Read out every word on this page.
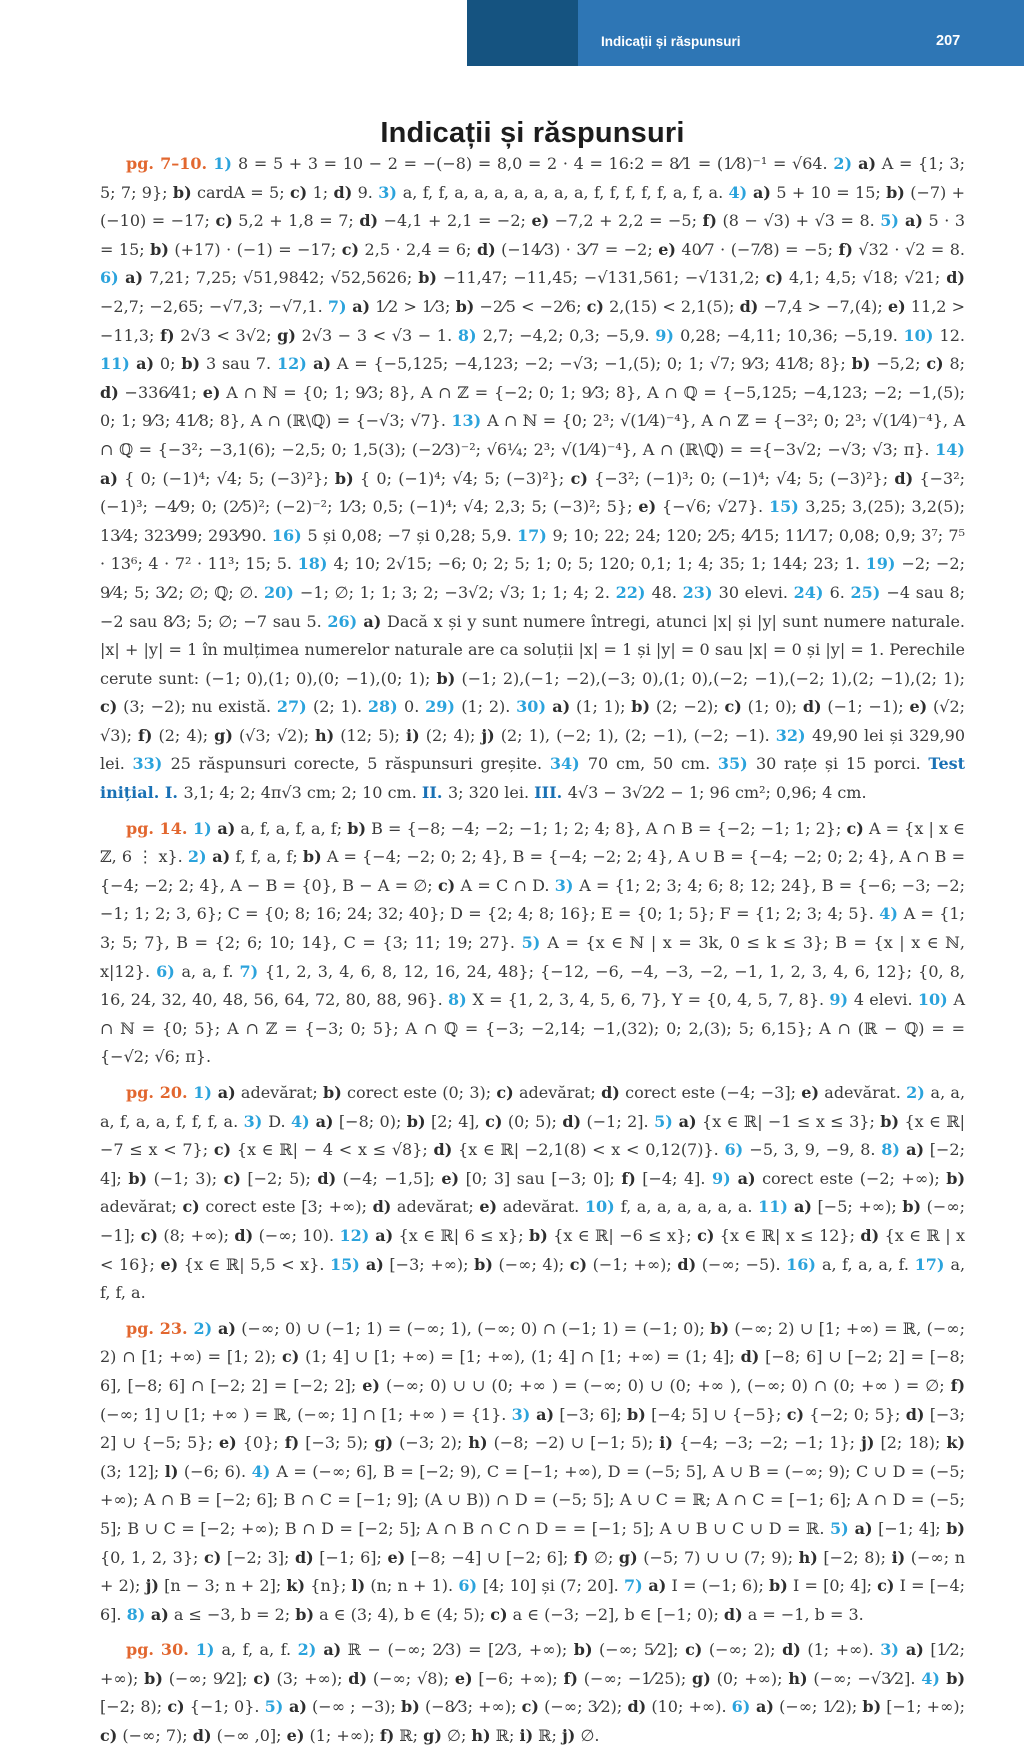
Indicații și răspunsuri	207
Indicații și răspunsuri

pg. 7–10. 1) 8 = 5 + 3 = 10 − 2 = −(−8) = 8,0 = 2 · 4 = 16:2 = 8⁄1 = (1⁄8)⁻¹ = √64. 2) a) A = {1; 3; 5; 7; 9}; b) cardA = 5; c) 1; d) 9. 3) a, f, f, a, a, a, a, a, a, a, f, f, f, f, f, a, f, a. 4) a) 5 + 10 = 15; b) (−7) + (−10) = −17; c) 5,2 + 1,8 = 7; d) −4,1 + 2,1 = −2; e) −7,2 + 2,2 = −5; f) (8 − √3) + √3 = 8. 5) a) 5 · 3 = 15; b) (+17) · (−1) = −17; c) 2,5 · 2,4 = 6; d) (−14⁄3) · 3⁄7 = −2; e) 40⁄7 · (−7⁄8) = −5; f) √32 · √2 = 8. 6) a) 7,21; 7,25; √51,9842; √52,5626; b) −11,47; −11,45; −√131,561; −√131,2; c) 4,1; 4,5; √18; √21; d) −2,7; −2,65; −√7,3; −√7,1. 7) a) 1⁄2 > 1⁄3; b) −2⁄5 < −2⁄6; c) 2,(15) < 2,1(5); d) −7,4 > −7,(4); e) 11,2 > −11,3; f) 2√3 < 3√2; g) 2√3 − 3 < √3 − 1. 8) 2,7; −4,2; 0,3; −5,9. 9) 0,28; −4,11; 10,36; −5,19. 10) 12. 11) a) 0; b) 3 sau 7. 12) a) A = {−5,125; −4,123; −2; −√3; −1,(5); 0; 1; √7; 9⁄3; 41⁄8; 8}; b) −5,2; c) 8; d) −336⁄41; e) A ∩ ℕ = {0; 1; 9⁄3; 8}, A ∩ ℤ = {−2; 0; 1; 9⁄3; 8}, A ∩ ℚ = {−5,125; −4,123; −2; −1,(5); 0; 1; 9⁄3; 41⁄8; 8}, A ∩ (ℝ\ℚ) = {−√3; √7}. 13) A ∩ ℕ = {0; 2³; √(1⁄4)⁻⁴}, A ∩ ℤ = {−3²; 0; 2³; √(1⁄4)⁻⁴}, A ∩ ℚ = {−3²; −3,1(6); −2,5; 0; 1,5(3); (−2⁄3)⁻²; √6¼; 2³; √(1⁄4)⁻⁴}, A ∩ (ℝ\ℚ) = ={−3√2; −√3; √3; π}. 14) a) { 0; (−1)⁴; √4; 5; (−3)²}; b) { 0; (−1)⁴; √4; 5; (−3)²}; c) {−3²; (−1)³; 0; (−1)⁴; √4; 5; (−3)²}; d) {−3²; (−1)³; −4⁄9; 0; (2⁄5)²; (−2)⁻²; 1⁄3; 0,5; (−1)⁴; √4; 2,3; 5; (−3)²; 5}; e) {−√6; √27}. 15) 3,25; 3,(25); 3,2(5); 13⁄4; 323⁄99; 293⁄90. 16) 5 și 0,08; −7 și 0,28; 5,9. 17) 9; 10; 22; 24; 120; 2⁄5; 4⁄15; 11⁄17; 0,08; 0,9; 3⁷; 7⁵ · 13⁶; 4 · 7² · 11³; 15; 5. 18) 4; 10; 2√15; −6; 0; 2; 5; 1; 0; 5; 120; 0,1; 1; 4; 35; 1; 144; 23; 1. 19) −2; −2; 9⁄4; 5; 3⁄2; ∅; ℚ; ∅. 20) −1; ∅; 1; 1; 3; 2; −3√2; √3; 1; 1; 4; 2. 22) 48. 23) 30 elevi. 24) 6. 25) −4 sau 8; −2 sau 8⁄3; 5; ∅; −7 sau 5. 26) a) Dacă x și y sunt numere întregi, atunci |x| și |y| sunt numere naturale. |x| + |y| = 1 în mulțimea numerelor naturale are ca soluții |x| = 1 și |y| = 0 sau |x| = 0 și |y| = 1. Perechile cerute sunt: (−1; 0),(1; 0),(0; −1),(0; 1); b) (−1; 2),(−1; −2),(−3; 0),(1; 0),(−2; −1),(−2; 1),(2; −1),(2; 1); c) (3; −2); nu există. 27) (2; 1). 28) 0. 29) (1; 2). 30) a) (1; 1); b) (2; −2); c) (1; 0); d) (−1; −1); e) (√2; √3); f) (2; 4); g) (√3; √2); h) (12; 5); i) (2; 4); j) (2; 1), (−2; 1), (2; −1), (−2; −1). 32) 49,90 lei și 329,90 lei. 33) 25 răspunsuri corecte, 5 răspunsuri greșite. 34) 70 cm, 50 cm. 35) 30 rațe și 15 porci. Test inițial. I. 3,1; 4; 2; 4π√3 cm; 2; 10 cm. II. 3; 320 lei. III. 4√3 − 3√2⁄2 − 1; 96 cm²; 0,96; 4 cm.

pg. 14. 1) a) a, f, a, f, a, f; b) B = {−8; −4; −2; −1; 1; 2; 4; 8}, A ∩ B = {−2; −1; 1; 2}; c) A = {x | x ∈ ℤ, 6 ⋮ x}. 2) a) f, f, a, f; b) A = {−4; −2; 0; 2; 4}, B = {−4; −2; 2; 4}, A ∪ B = {−4; −2; 0; 2; 4}, A ∩ B = {−4; −2; 2; 4}, A − B = {0}, B − A = ∅; c) A = C ∩ D. 3) A = {1; 2; 3; 4; 6; 8; 12; 24}, B = {−6; −3; −2; −1; 1; 2; 3, 6}; C = {0; 8; 16; 24; 32; 40}; D = {2; 4; 8; 16}; E = {0; 1; 5}; F = {1; 2; 3; 4; 5}. 4) A = {1; 3; 5; 7}, B = {2; 6; 10; 14}, C = {3; 11; 19; 27}. 5) A = {x ∈ ℕ | x = 3k, 0 ≤ k ≤ 3}; B = {x | x ∈ ℕ, x|12}. 6) a, a, f. 7) {1, 2, 3, 4, 6, 8, 12, 16, 24, 48}; {−12, −6, −4, −3, −2, −1, 1, 2, 3, 4, 6, 12}; {0, 8, 16, 24, 32, 40, 48, 56, 64, 72, 80, 88, 96}. 8) X = {1, 2, 3, 4, 5, 6, 7}, Y = {0, 4, 5, 7, 8}. 9) 4 elevi. 10) A ∩ ℕ = {0; 5}; A ∩ ℤ = {−3; 0; 5}; A ∩ ℚ = {−3; −2,14; −1,(32); 0; 2,(3); 5; 6,15}; A ∩ (ℝ − ℚ) = = {−√2; √6; π}.

pg. 20. 1) a) adevărat; b) corect este (0; 3); c) adevărat; d) corect este (−4; −3]; e) adevărat. 2) a, a, a, f, a, a, f, f, f, a. 3) D. 4) a) [−8; 0); b) [2; 4], c) (0; 5); d) (−1; 2]. 5) a) {x ∈ ℝ| −1 ≤ x ≤ 3}; b) {x ∈ ℝ| −7 ≤ x < 7}; c) {x ∈ ℝ| − 4 < x ≤ √8}; d) {x ∈ ℝ| −2,1(8) < x < 0,12(7)}. 6) −5, 3, 9, −9, 8. 8) a) [−2; 4]; b) (−1; 3); c) [−2; 5); d) (−4; −1,5]; e) [0; 3] sau [−3; 0]; f) [−4; 4]. 9) a) corect este (−2; +∞); b) adevărat; c) corect este [3; +∞); d) adevărat; e) adevărat. 10) f, a, a, a, a, a, a. 11) a) [−5; +∞); b) (−∞; −1]; c) (8; +∞); d) (−∞; 10). 12) a) {x ∈ ℝ| 6 ≤ x}; b) {x ∈ ℝ| −6 ≤ x}; c) {x ∈ ℝ| x ≤ 12}; d) {x ∈ ℝ | x < 16}; e) {x ∈ ℝ| 5,5 < x}. 15) a) [−3; +∞); b) (−∞; 4); c) (−1; +∞); d) (−∞; −5). 16) a, f, a, a, f. 17) a, f, f, a.

pg. 23. 2) a) (−∞; 0) ∪ (−1; 1) = (−∞; 1), (−∞; 0) ∩ (−1; 1) = (−1; 0); b) (−∞; 2) ∪ [1; +∞) = ℝ, (−∞; 2) ∩ [1; +∞) = [1; 2); c) (1; 4] ∪ [1; +∞) = [1; +∞), (1; 4] ∩ [1; +∞) = (1; 4]; d) [−8; 6] ∪ [−2; 2] = [−8; 6], [−8; 6] ∩ [−2; 2] = [−2; 2]; e) (−∞; 0) ∪ ∪ (0; +∞ ) = (−∞; 0) ∪ (0; +∞ ), (−∞; 0) ∩ (0; +∞ ) = ∅; f) (−∞; 1] ∪ [1; +∞ ) = ℝ, (−∞; 1] ∩ [1; +∞ ) = {1}. 3) a) [−3; 6]; b) [−4; 5] ∪ {−5}; c) {−2; 0; 5}; d) [−3; 2] ∪ {−5; 5}; e) {0}; f) [−3; 5); g) (−3; 2); h) (−8; −2) ∪ [−1; 5); i) {−4; −3; −2; −1; 1}; j) [2; 18); k) (3; 12]; l) (−6; 6). 4) A = (−∞; 6], B = [−2; 9), C = [−1; +∞), D = (−5; 5], A ∪ B = (−∞; 9); C ∪ D = (−5; +∞); A ∩ B = [−2; 6]; B ∩ C = [−1; 9]; (A ∪ B)) ∩ D = (−5; 5]; A ∪ C = ℝ; A ∩ C = [−1; 6]; A ∩ D = (−5; 5]; B ∪ C = [−2; +∞); B ∩ D = [−2; 5]; A ∩ B ∩ C ∩ D = = [−1; 5]; A ∪ B ∪ C ∪ D = ℝ. 5) a) [−1; 4]; b) {0, 1, 2, 3}; c) [−2; 3]; d) [−1; 6]; e) [−8; −4] ∪ [−2; 6]; f) ∅; g) (−5; 7) ∪ ∪ (7; 9); h) [−2; 8); i) (−∞; n + 2); j) [n − 3; n + 2]; k) {n}; l) (n; n + 1). 6) [4; 10] și (7; 20]. 7) a) I = (−1; 6); b) I = [0; 4]; c) I = [−4; 6]. 8) a) a ≤ −3, b = 2; b) a ∈ (3; 4), b ∈ (4; 5); c) a ∈ (−3; −2], b ∈ [−1; 0); d) a = −1, b = 3.

pg. 30. 1) a, f, a, f. 2) a) ℝ − (−∞; 2⁄3) = [2⁄3, +∞); b) (−∞; 5⁄2]; c) (−∞; 2); d) (1; +∞). 3) a) [1⁄2; +∞); b) (−∞; 9⁄2]; c) (3; +∞); d) (−∞; √8); e) [−6; +∞); f) (−∞; −1⁄25); g) (0; +∞); h) (−∞; −√3⁄2]. 4) b) [−2; 8); c) {−1; 0}. 5) a) (−∞ ; −3); b) (−8⁄3; +∞); c) (−∞; 3⁄2); d) (10; +∞). 6) a) (−∞; 1⁄2); b) [−1; +∞); c) (−∞; 7); d) (−∞ ,0]; e) (1; +∞); f) ℝ; g) ∅; h) ℝ; i) ℝ; j) ∅.
